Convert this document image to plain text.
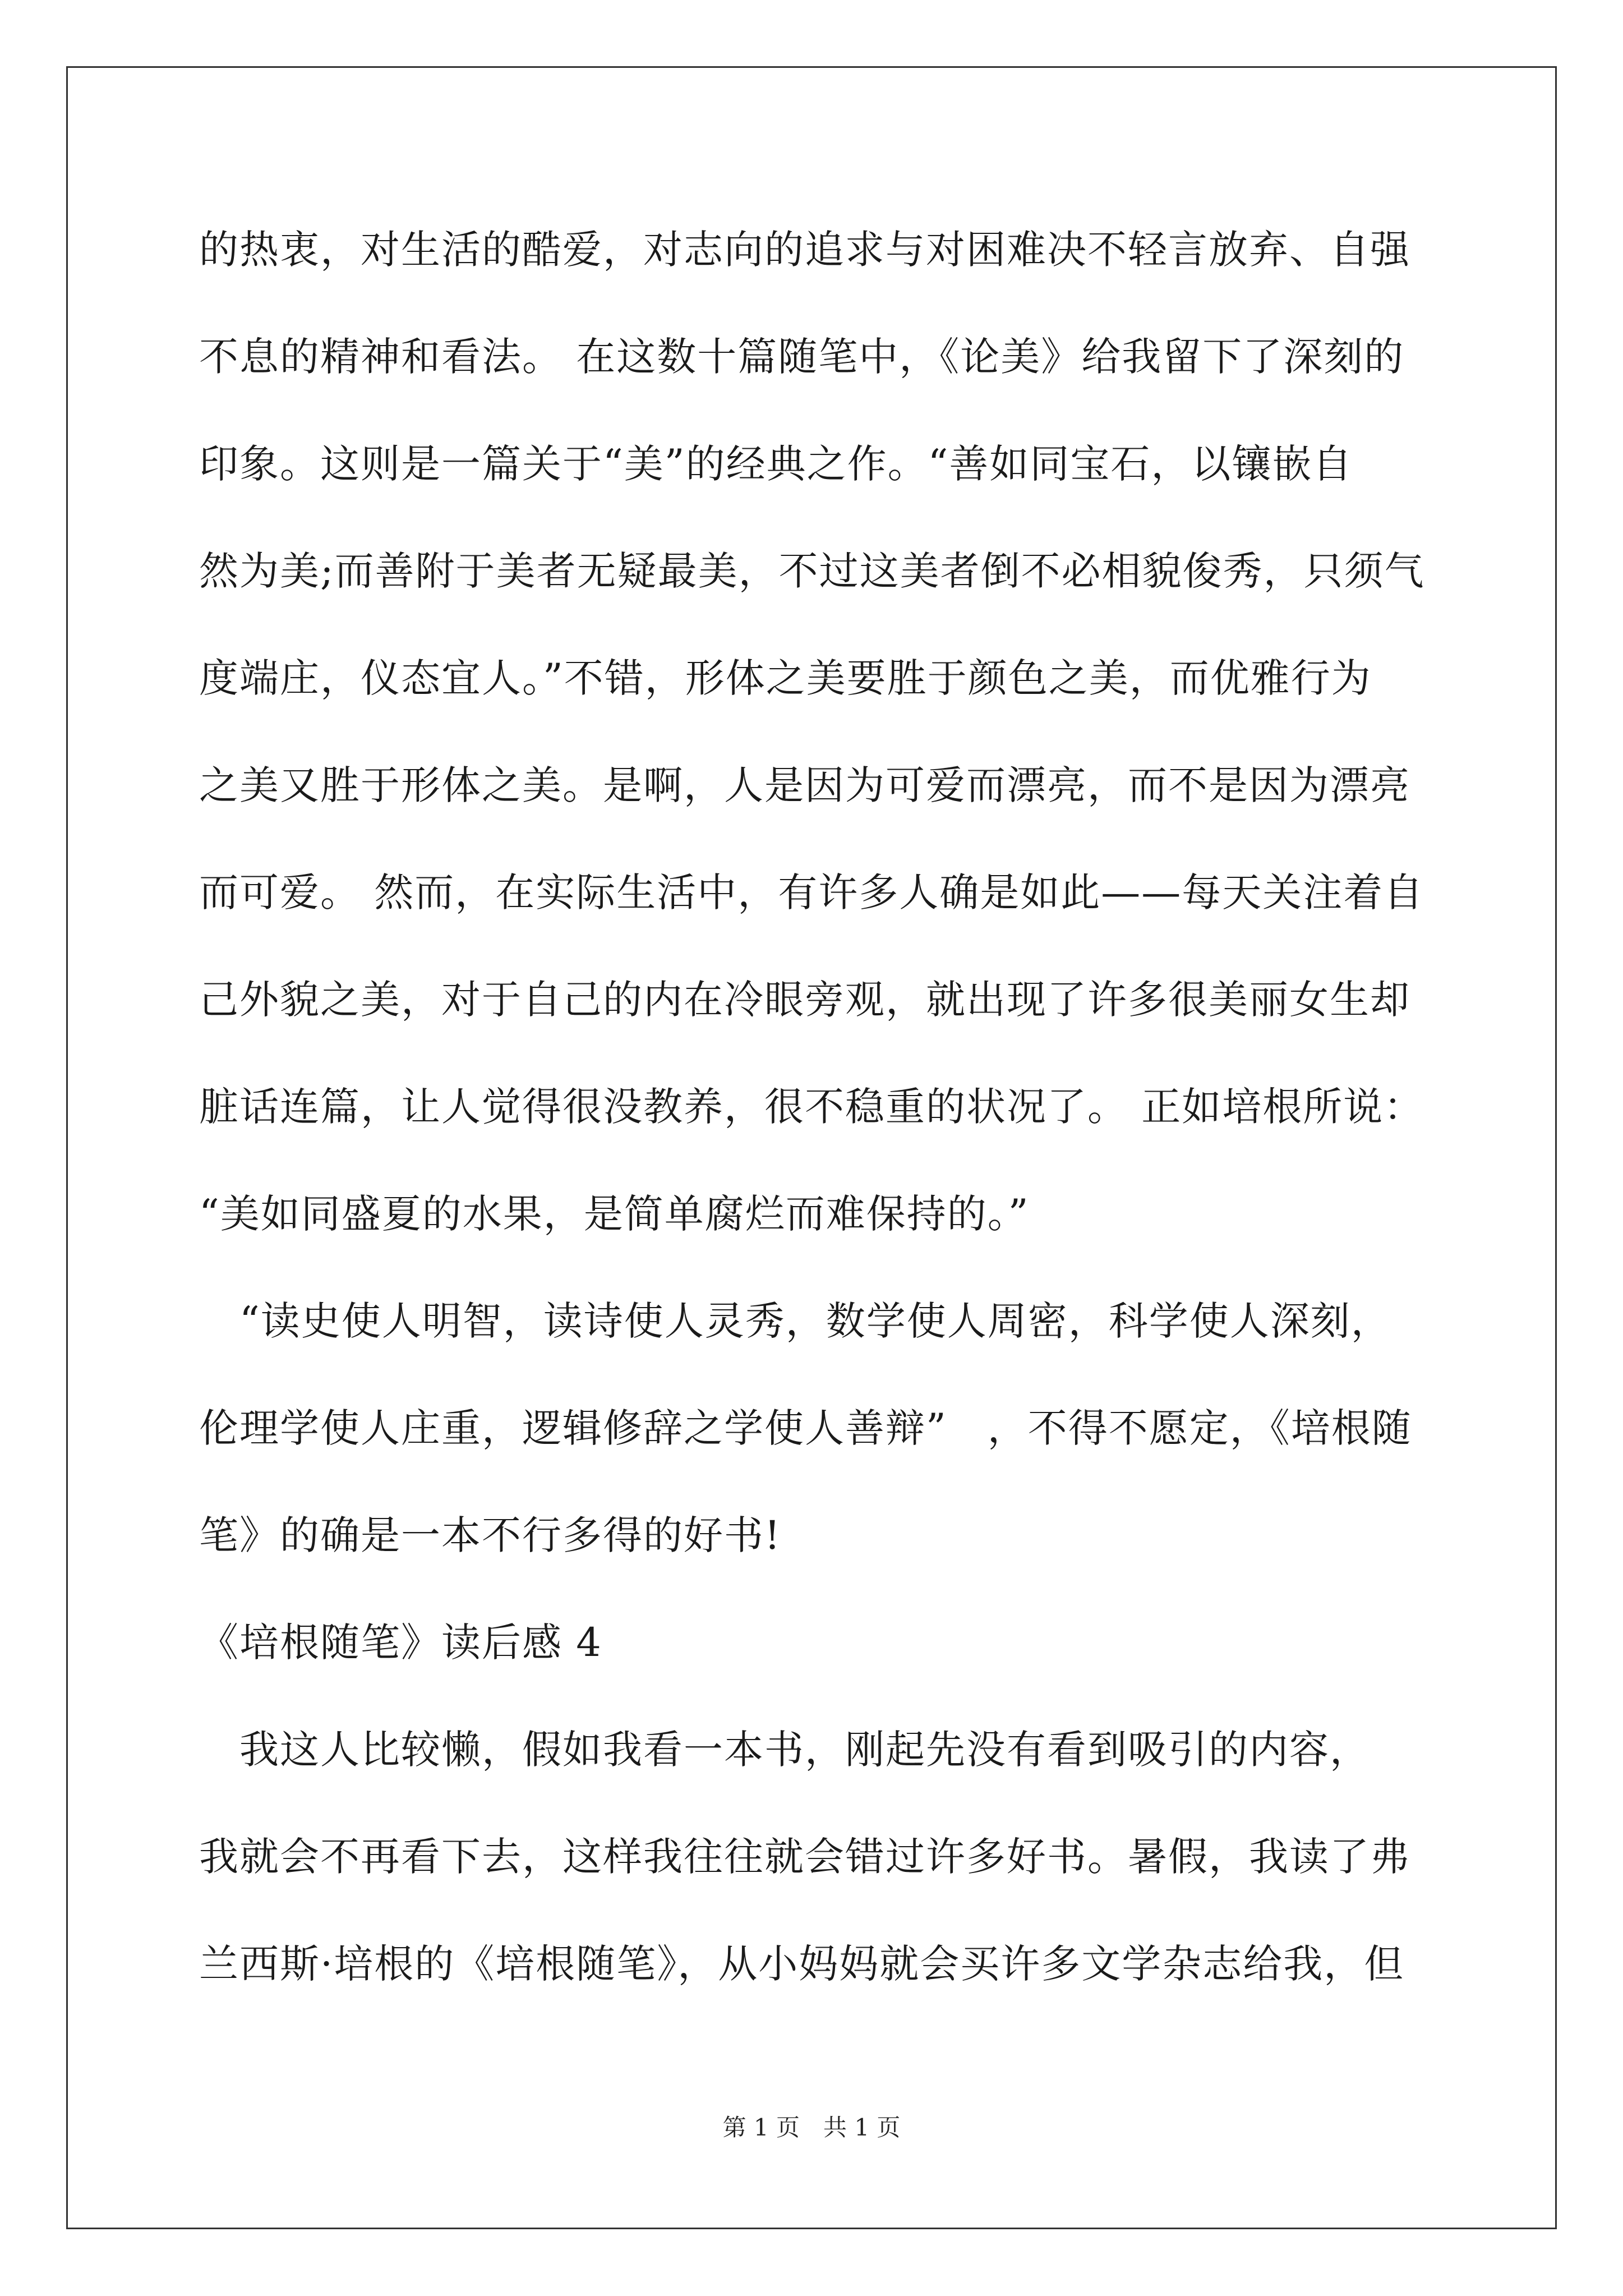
的热衷，对生活的酷爱，对志向的追求与对困难决不轻言放弃、自强
不息的精神和看法。 在这数十篇随笔中，《论美》给我留下了深刻的
印象。这则是一篇关于“美”的经典之作。“善如同宝石，以镶嵌自
然为美;而善附于美者无疑最美，不过这美者倒不必相貌俊秀，只须气
度端庄，仪态宜人。”不错，形体之美要胜于颜色之美，而优雅行为
之美又胜于形体之美。是啊，人是因为可爱而漂亮，而不是因为漂亮
而可爱。 然而，在实际生活中，有许多人确是如此——每天关注着自
己外貌之美，对于自己的内在冷眼旁观，就出现了许多很美丽女生却
脏话连篇，让人觉得很没教养，很不稳重的状况了。 正如培根所说：
“美如同盛夏的水果，是简单腐烂而难保持的。”
　“读史使人明智，读诗使人灵秀，数学使人周密，科学使人深刻，
伦理学使人庄重，逻辑修辞之学使人善辩”　，不得不愿定，《培根随
笔》的确是一本不行多得的好书!
《培根随笔》读后感 4
　我这人比较懒，假如我看一本书，刚起先没有看到吸引的内容，
我就会不再看下去，这样我往往就会错过许多好书。暑假，我读了弗
兰西斯·培根的《培根随笔》，从小妈妈就会买许多文学杂志给我，但
第 1 页　共 1 页
